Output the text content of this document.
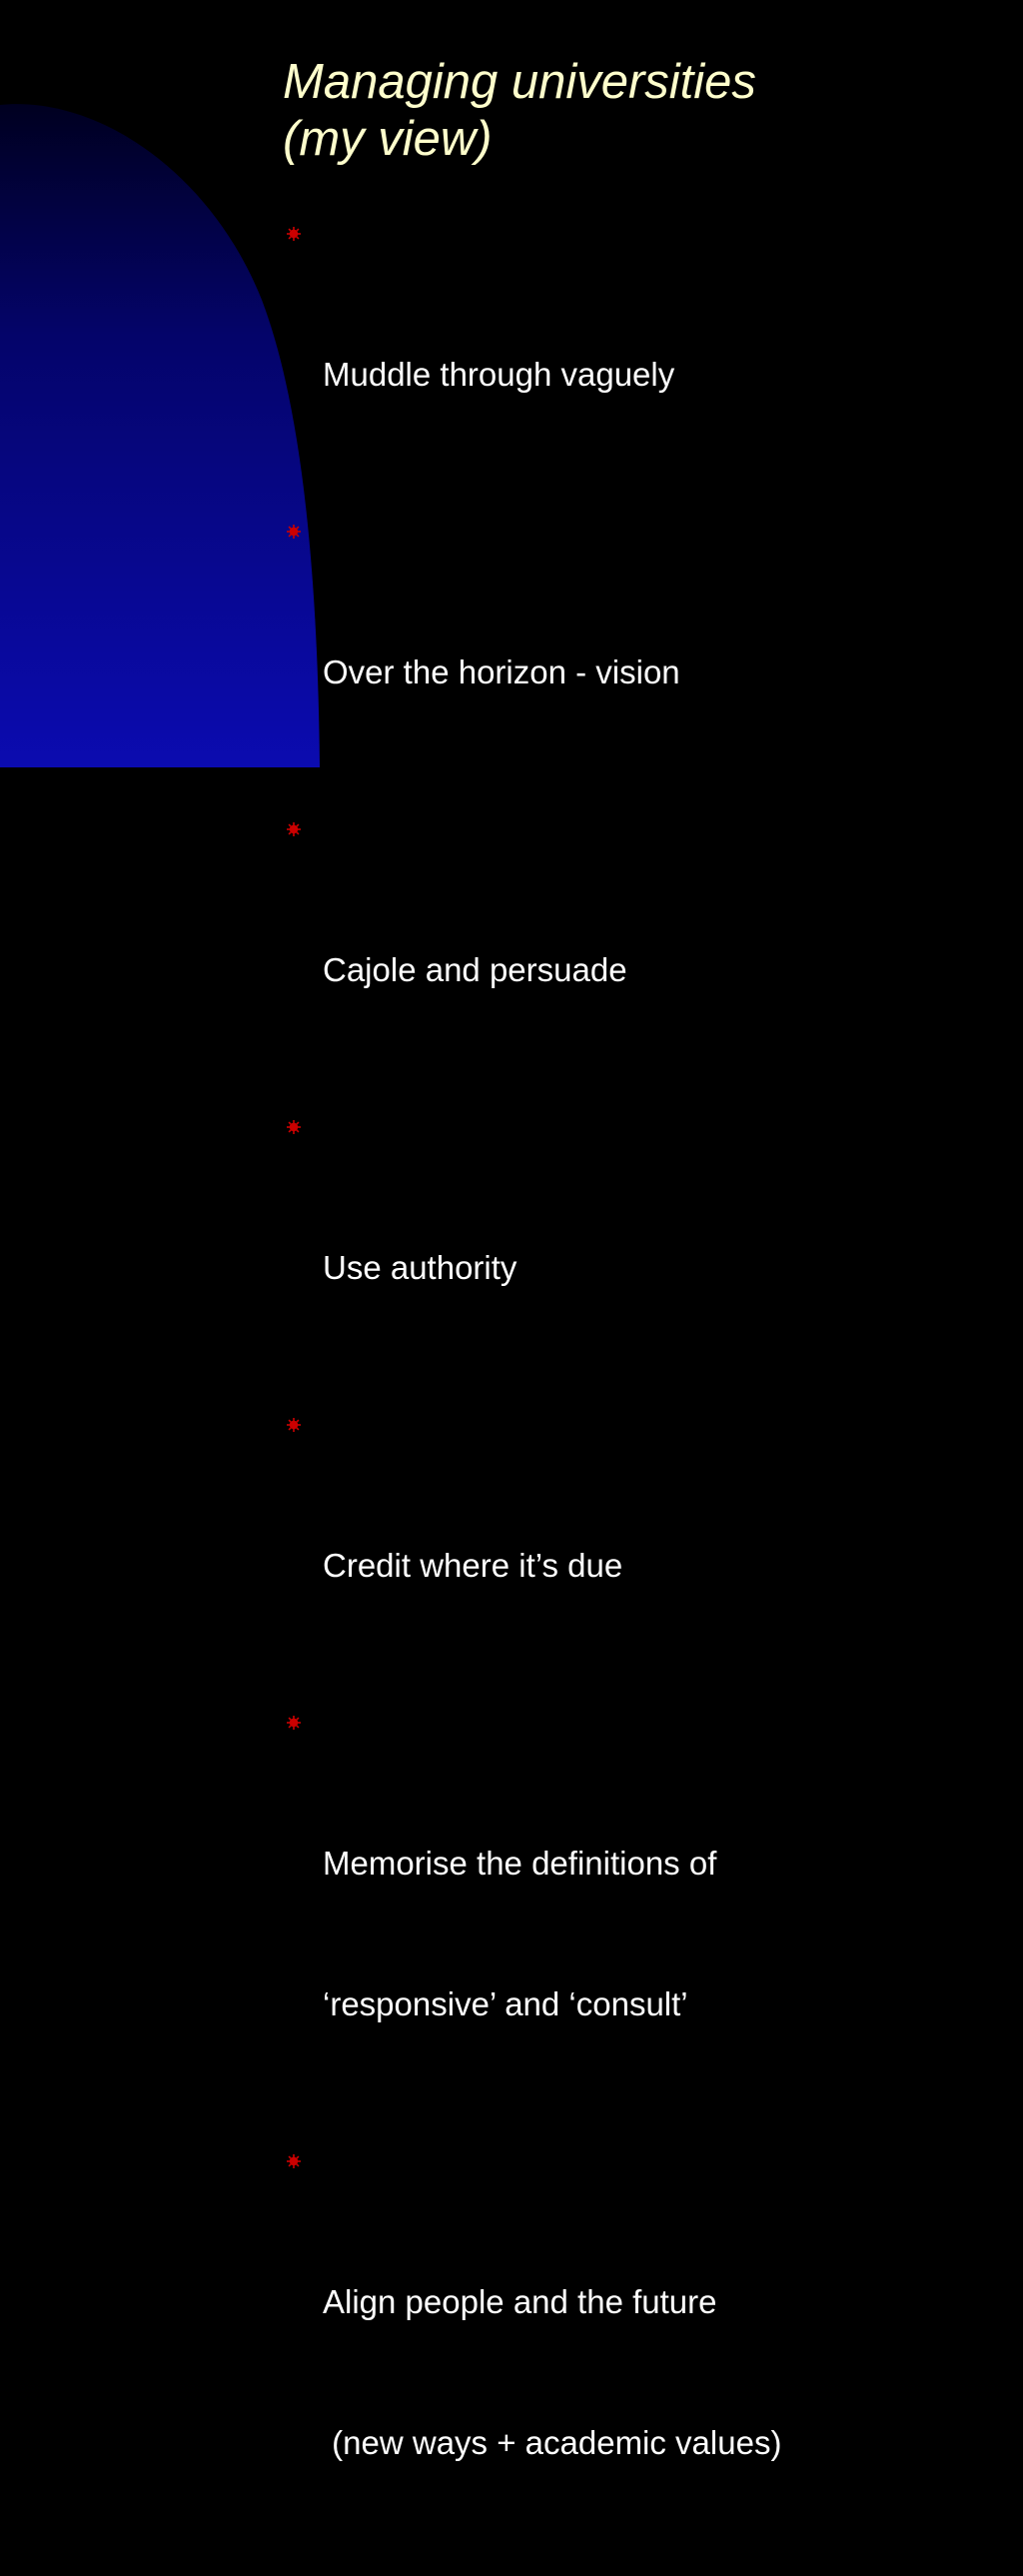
Managing universities
(my view)

Muddle through vaguely

Over the horizon - vision

Cajole and persuade

Use authority

Credit where it’s due

Memorise the definitions of

‘responsive’ and ‘consult’

Align people and the future

(new ways + academic values)
